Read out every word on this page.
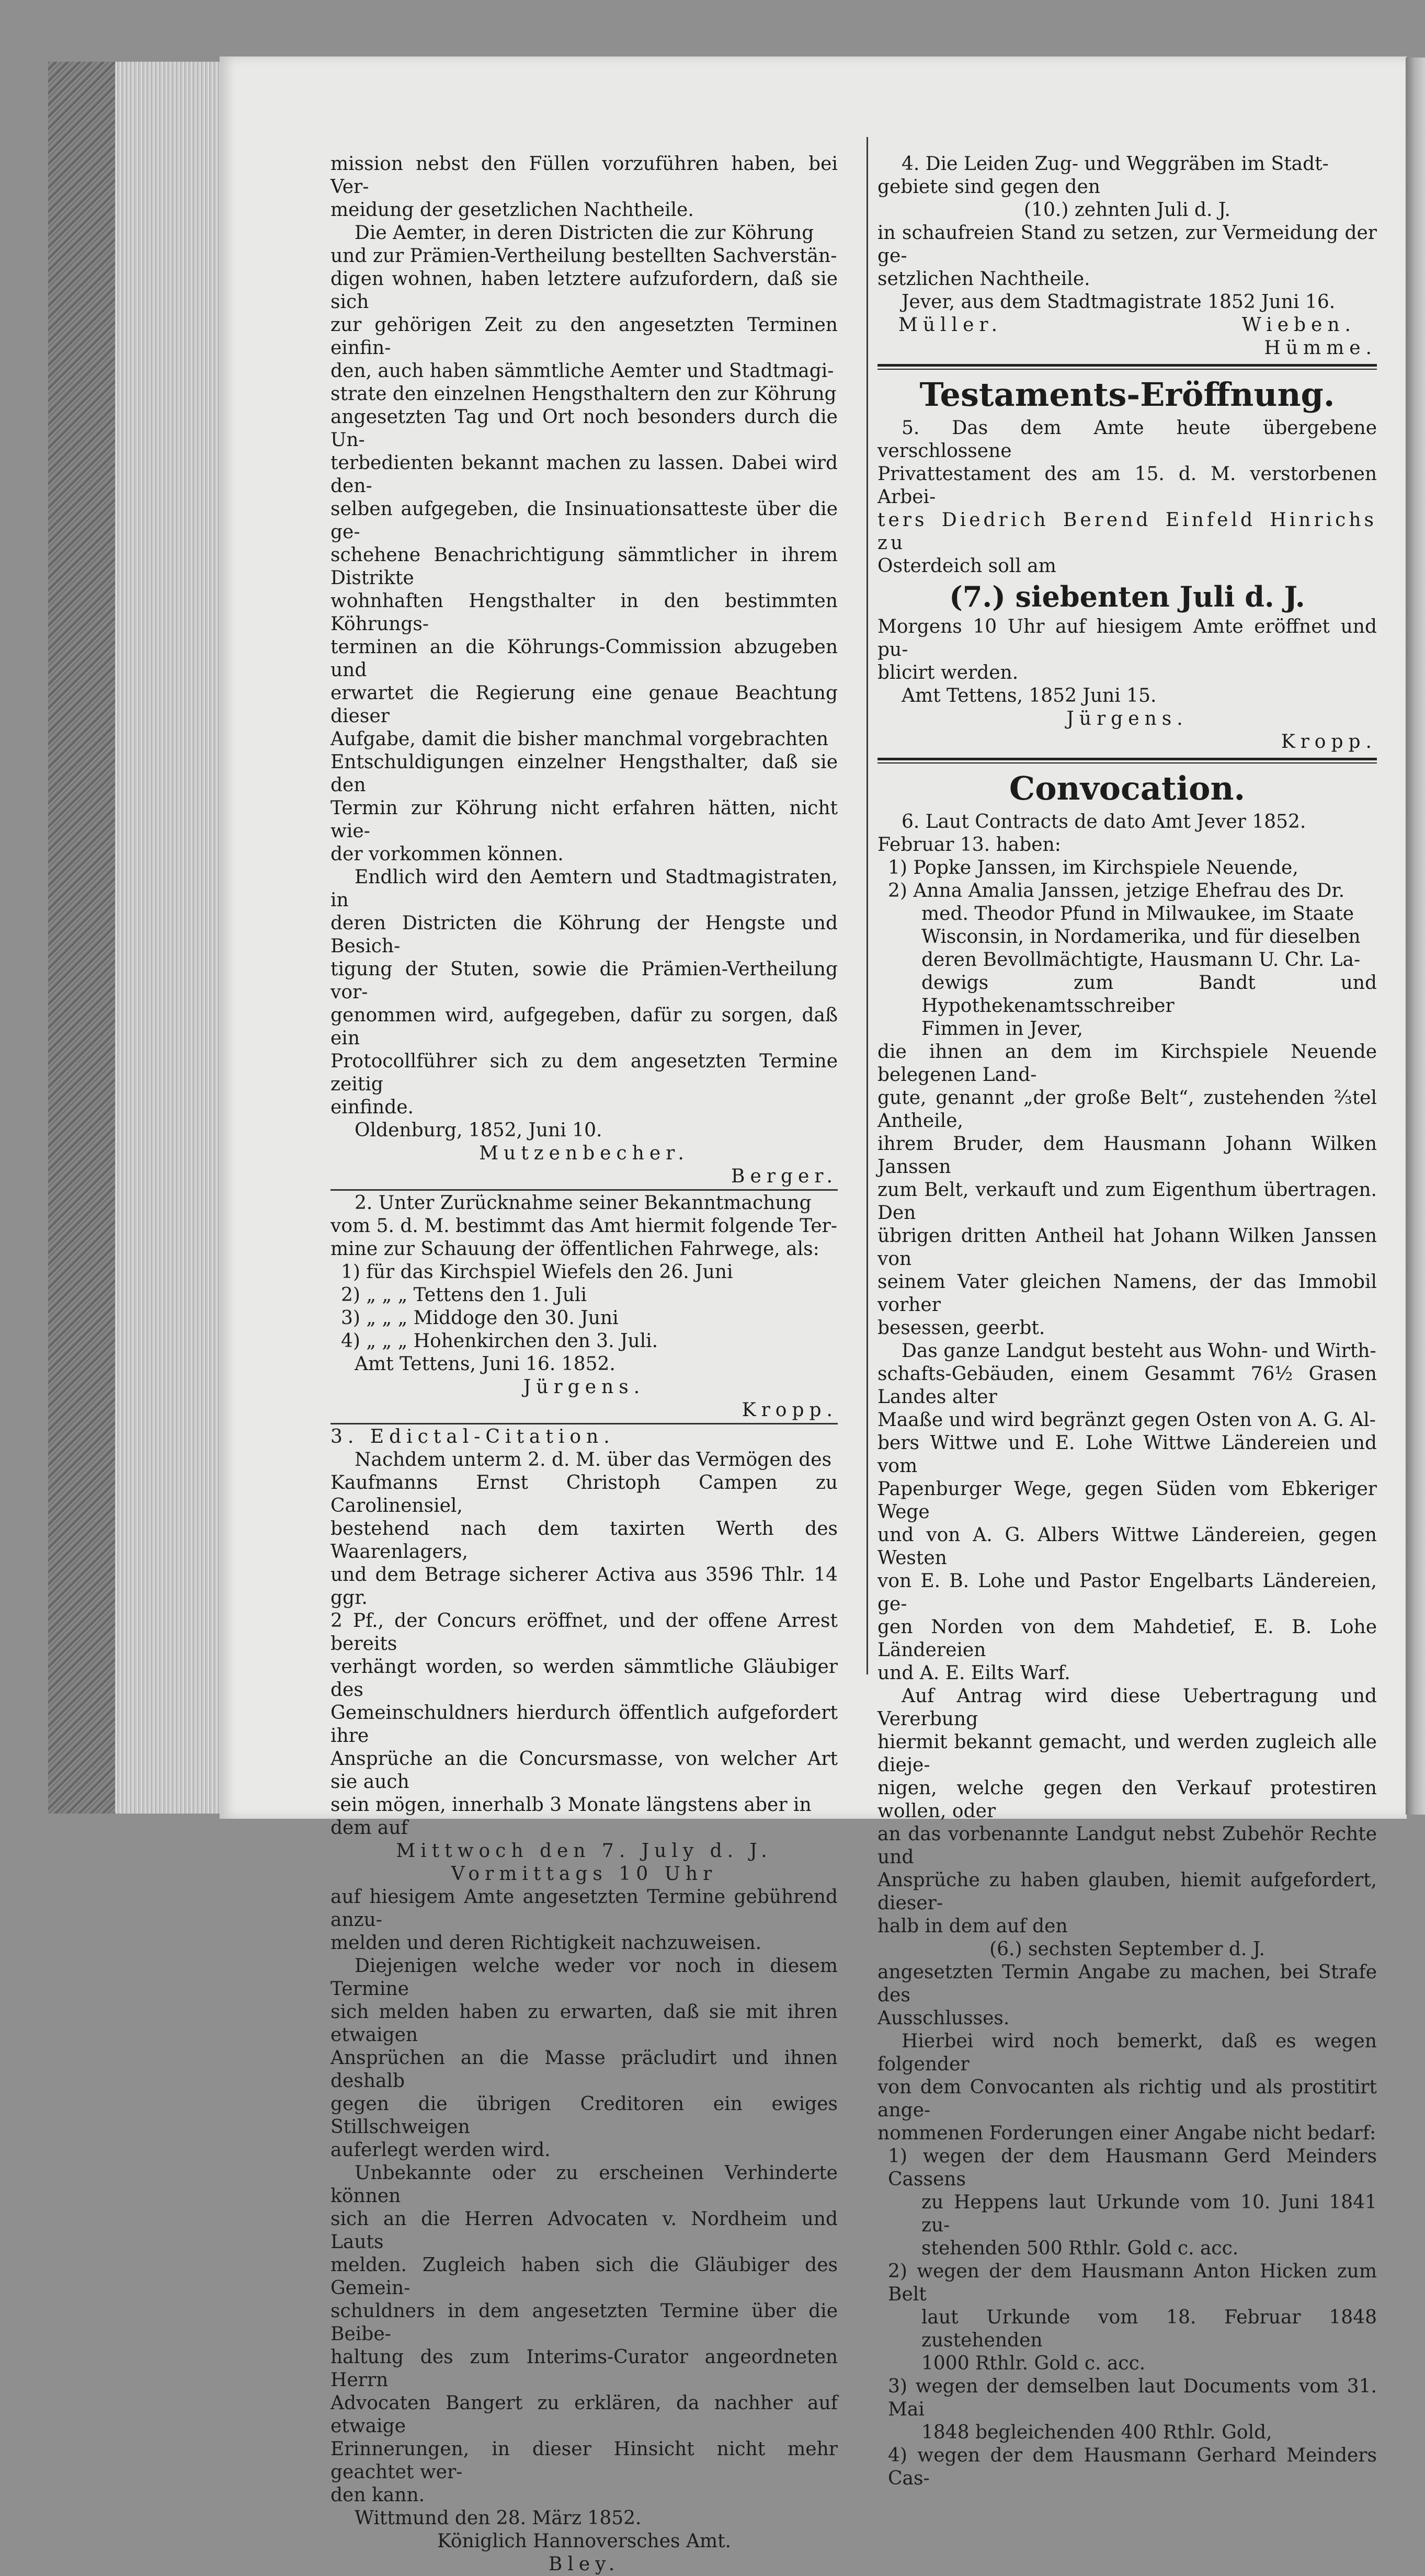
mission nebst den Füllen vorzuführen haben, bei Ver-

meidung der gesetzlichen Nachtheile.

Die Aemter, in deren Districten die zur Köhrung

und zur Prämien-Vertheilung bestellten Sachverstän-

digen wohnen, haben letztere aufzufordern, daß sie sich

zur gehörigen Zeit zu den angesetzten Terminen einfin-

den, auch haben sämmtliche Aemter und Stadtmagi-

strate den einzelnen Hengsthaltern den zur Köhrung

angesetzten Tag und Ort noch besonders durch die Un-

terbedienten bekannt machen zu lassen. Dabei wird den-

selben aufgegeben, die Insinuationsatteste über die ge-

schehene Benachrichtigung sämmtlicher in ihrem Distrikte

wohnhaften Hengsthalter in den bestimmten Köhrungs-

terminen an die Köhrungs-Commission abzugeben und

erwartet die Regierung eine genaue Beachtung dieser

Aufgabe, damit die bisher manchmal vorgebrachten

Entschuldigungen einzelner Hengsthalter, daß sie den

Termin zur Köhrung nicht erfahren hätten, nicht wie-

der vorkommen können.

Endlich wird den Aemtern und Stadtmagistraten, in

deren Districten die Köhrung der Hengste und Besich-

tigung der Stuten, sowie die Prämien-Vertheilung vor-

genommen wird, aufgegeben, dafür zu sorgen, daß ein

Protocollführer sich zu dem angesetzten Termine zeitig

einfinde.

Oldenburg, 1852, Juni 10.

Mutzenbecher.

Berger.

2. Unter Zurücknahme seiner Bekanntmachung

vom 5. d. M. bestimmt das Amt hiermit folgende Ter-

mine zur Schauung der öffentlichen Fahrwege, als:

1) für das Kirchspiel Wiefels den 26. Juni

2) „ „ „ Tettens den 1. Juli

3) „ „ „ Middoge den 30. Juni

4) „ „ „ Hohenkirchen den 3. Juli.

Amt Tettens, Juni 16. 1852.

Jürgens.

Kropp.

3. Edictal-Citation.

Nachdem unterm 2. d. M. über das Vermögen des

Kaufmanns Ernst Christoph Campen zu Carolinensiel,

bestehend nach dem taxirten Werth des Waarenlagers,

und dem Betrage sicherer Activa aus 3596 Thlr. 14 ggr.

2 Pf., der Concurs eröffnet, und der offene Arrest bereits

verhängt worden, so werden sämmtliche Gläubiger des

Gemeinschuldners hierdurch öffentlich aufgefordert ihre

Ansprüche an die Concursmasse, von welcher Art sie auch

sein mögen, innerhalb 3 Monate längstens aber in

dem auf

Mittwoch den 7. July d. J.

Vormittags 10 Uhr

auf hiesigem Amte angesetzten Termine gebührend anzu-

melden und deren Richtigkeit nachzuweisen.

Diejenigen welche weder vor noch in diesem Termine

sich melden haben zu erwarten, daß sie mit ihren etwaigen

Ansprüchen an die Masse präcludirt und ihnen deshalb

gegen die übrigen Creditoren ein ewiges Stillschweigen

auferlegt werden wird.

Unbekannte oder zu erscheinen Verhinderte können

sich an die Herren Advocaten v. Nordheim und Lauts

melden. Zugleich haben sich die Gläubiger des Gemein-

schuldners in dem angesetzten Termine über die Beibe-

haltung des zum Interims-Curator angeordneten Herrn

Advocaten Bangert zu erklären, da nachher auf etwaige

Erinnerungen, in dieser Hinsicht nicht mehr geachtet wer-

den kann.

Wittmund den 28. März 1852.

Königlich Hannoversches Amt.

Bley.

4. Die Leiden Zug- und Weggräben im Stadt-

gebiete sind gegen den

(10.) zehnten Juli d. J.

in schaufreien Stand zu setzen, zur Vermeidung der ge-

setzlichen Nachtheile.

Jever, aus dem Stadtmagistrate 1852 Juni 16.

Müller.	Wieben.

Hümme.

Testaments-Eröffnung.

5. Das dem Amte heute übergebene verschlossene

Privattestament des am 15. d. M. verstorbenen Arbei-

ters Diedrich Berend Einfeld Hinrichs zu

Osterdeich soll am

(7.) siebenten Juli d. J.

Morgens 10 Uhr auf hiesigem Amte eröffnet und pu-

blicirt werden.

Amt Tettens, 1852 Juni 15.

Jürgens.

Kropp.

Convocation.

6. Laut Contracts de dato Amt Jever 1852.

Februar 13. haben:

1) Popke Janssen, im Kirchspiele Neuende,

2) Anna Amalia Janssen, jetzige Ehefrau des Dr.

med. Theodor Pfund in Milwaukee, im Staate

Wisconsin, in Nordamerika, und für dieselben

deren Bevollmächtigte, Hausmann U. Chr. La-

dewigs zum Bandt und Hypothekenamtsschreiber

Fimmen in Jever,

die ihnen an dem im Kirchspiele Neuende belegenen Land-

gute, genannt „der große Belt“, zustehenden ⅔tel Antheile,

ihrem Bruder, dem Hausmann Johann Wilken Janssen

zum Belt, verkauft und zum Eigenthum übertragen. Den

übrigen dritten Antheil hat Johann Wilken Janssen von

seinem Vater gleichen Namens, der das Immobil vorher

besessen, geerbt.

Das ganze Landgut besteht aus Wohn- und Wirth-

schafts-Gebäuden, einem Gesammt 76½ Grasen Landes alter

Maaße und wird begränzt gegen Osten von A. G. Al-

bers Wittwe und E. Lohe Wittwe Ländereien und vom

Papenburger Wege, gegen Süden vom Ebkeriger Wege

und von A. G. Albers Wittwe Ländereien, gegen Westen

von E. B. Lohe und Pastor Engelbarts Ländereien, ge-

gen Norden von dem Mahdetief, E. B. Lohe Ländereien

und A. E. Eilts Warf.

Auf Antrag wird diese Uebertragung und Vererbung

hiermit bekannt gemacht, und werden zugleich alle dieje-

nigen, welche gegen den Verkauf protestiren wollen, oder

an das vorbenannte Landgut nebst Zubehör Rechte und

Ansprüche zu haben glauben, hiemit aufgefordert, dieser-

halb in dem auf den

(6.) sechsten September d. J.

angesetzten Termin Angabe zu machen, bei Strafe des

Ausschlusses.

Hierbei wird noch bemerkt, daß es wegen folgender

von dem Convocanten als richtig und als prostitirt ange-

nommenen Forderungen einer Angabe nicht bedarf:

1) wegen der dem Hausmann Gerd Meinders Cassens

zu Heppens laut Urkunde vom 10. Juni 1841 zu-

stehenden 500 Rthlr. Gold c. acc.

2) wegen der dem Hausmann Anton Hicken zum Belt

laut Urkunde vom 18. Februar 1848 zustehenden

1000 Rthlr. Gold c. acc.

3) wegen der demselben laut Documents vom 31. Mai

1848 begleichenden 400 Rthlr. Gold,

4) wegen der dem Hausmann Gerhard Meinders Cas-
